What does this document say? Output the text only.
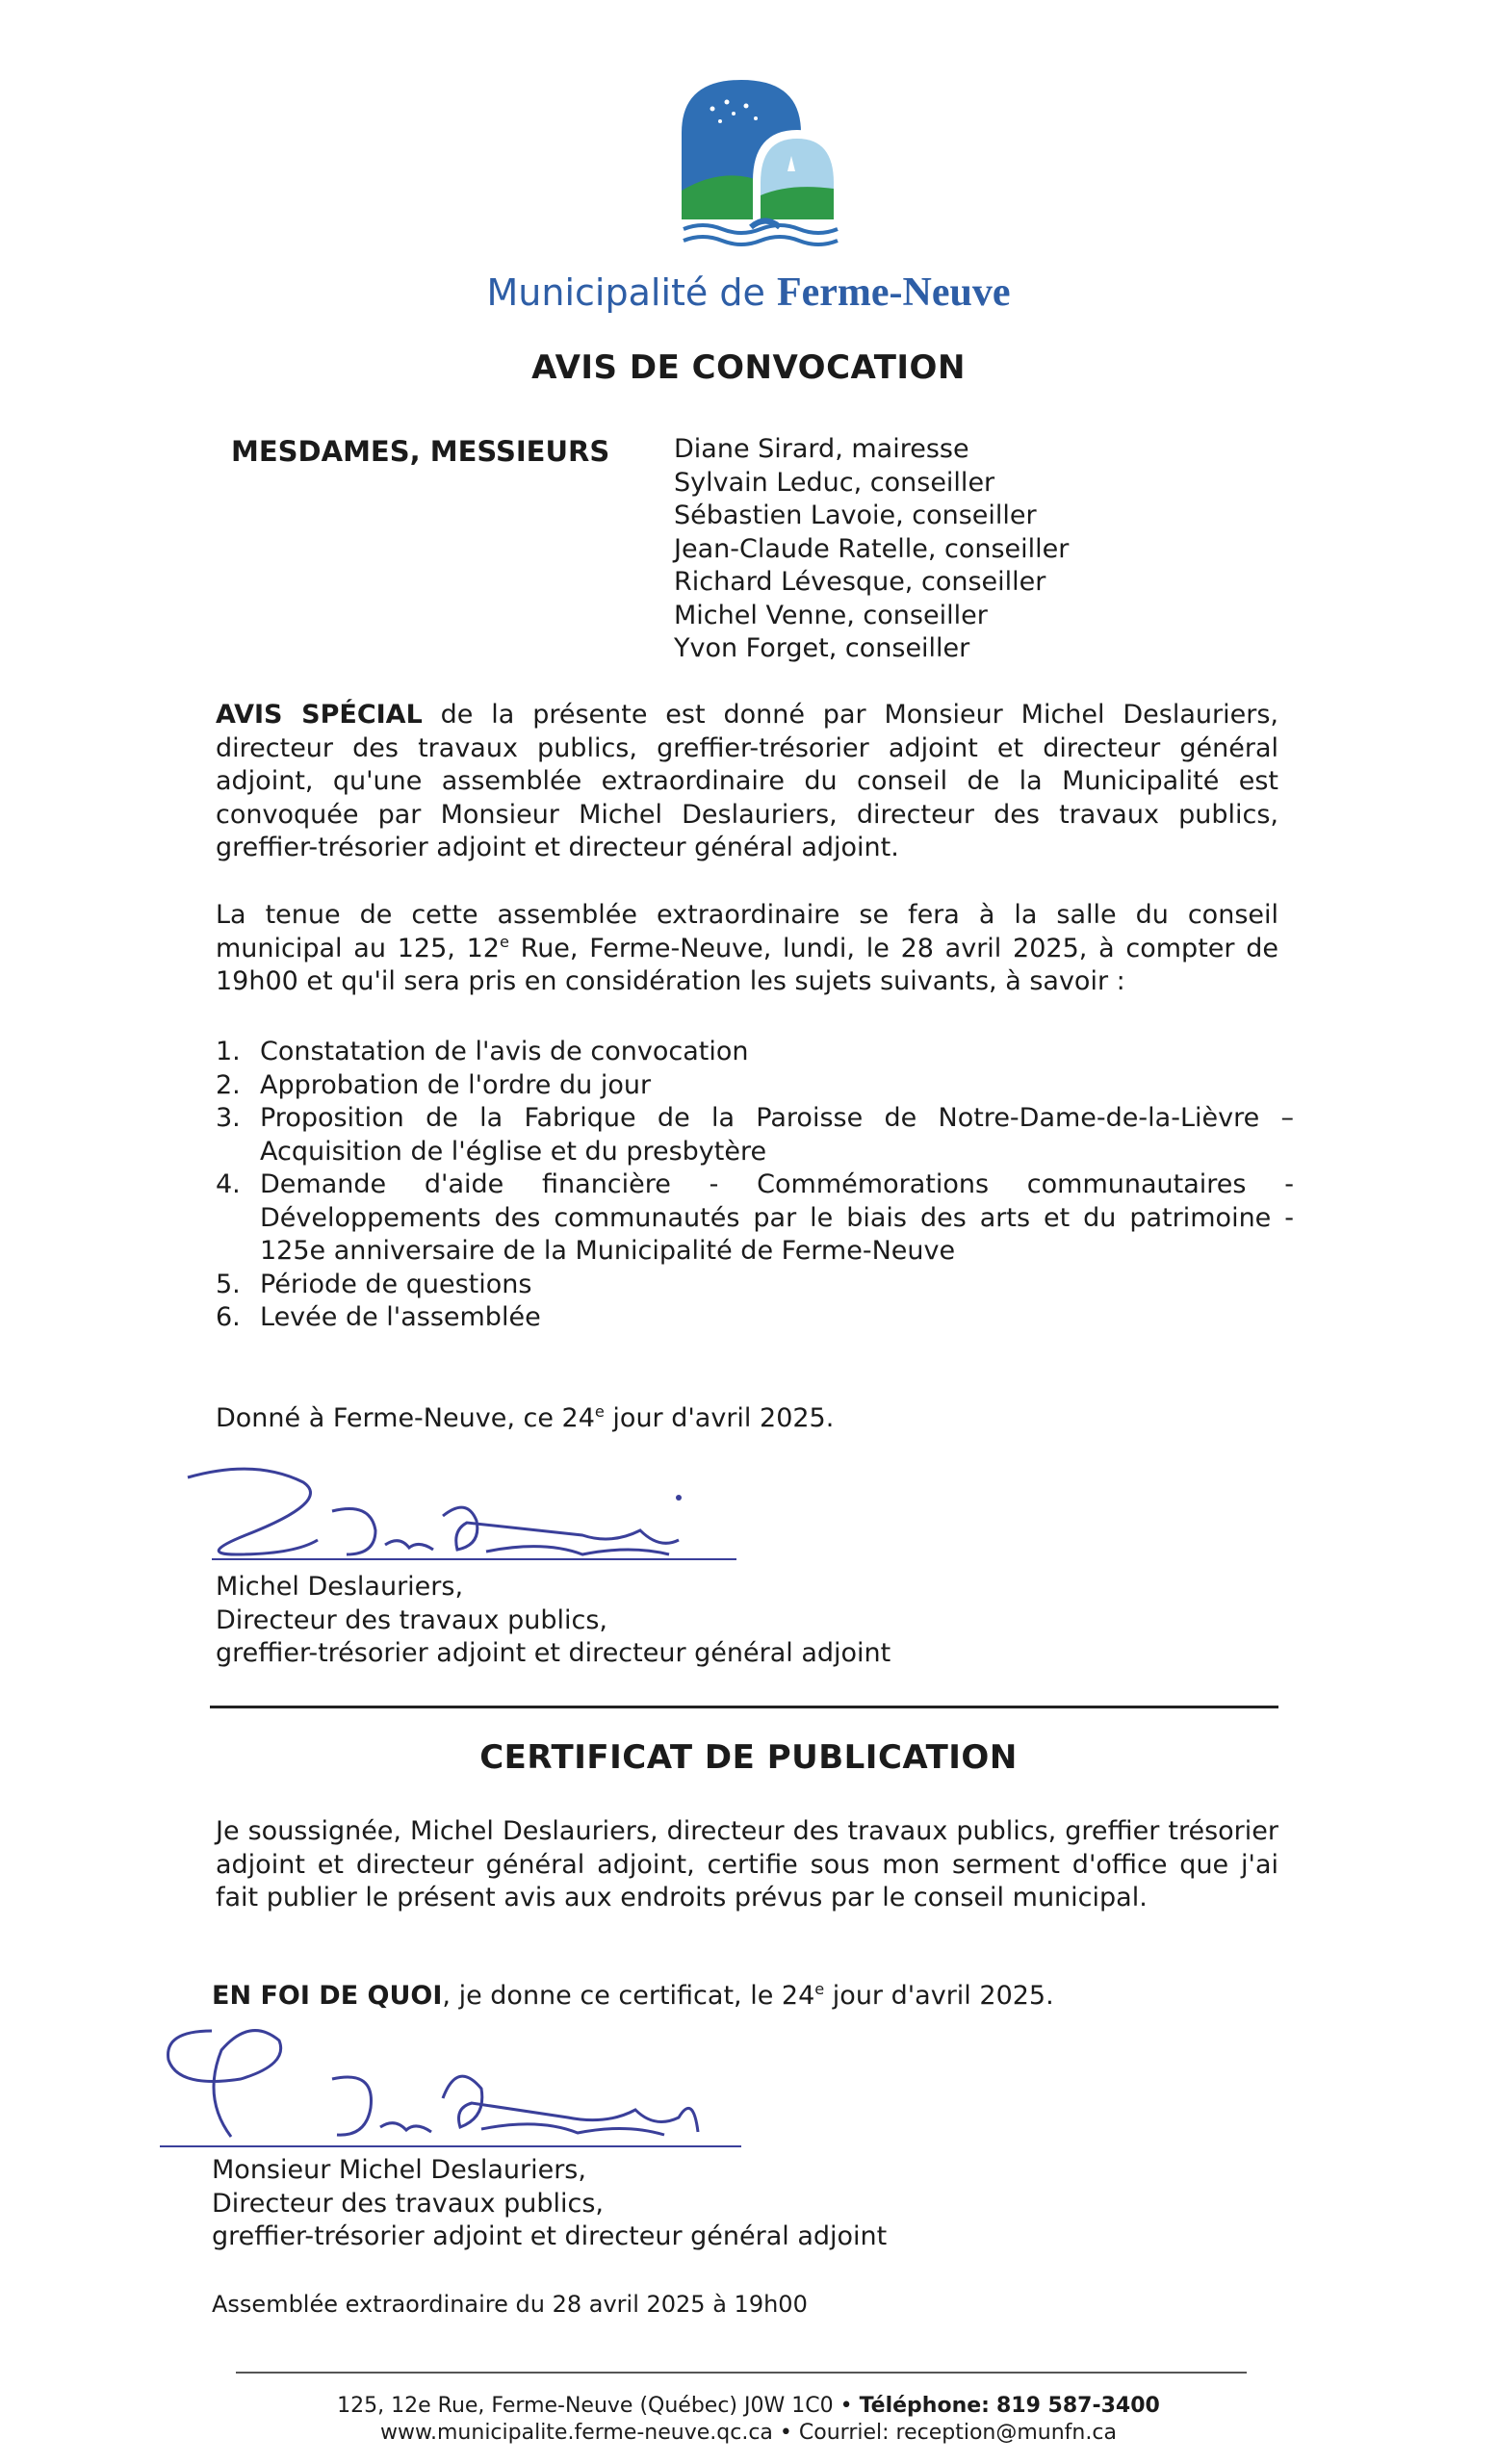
Municipalité de Ferme-Neuve
AVIS DE CONVOCATION
MESDAMES, MESSIEURS Diane Sirard, mairesse
Sylvain Leduc, conseiller
Sébastien Lavoie, conseiller
Jean-Claude Ratelle, conseiller
Richard Lévesque, conseiller
Michel Venne, conseiller
Yvon Forget, conseiller
AVIS SPÉCIAL de la présente est donné par Monsieur Michel Deslauriers, directeur des travaux publics, greffier-trésorier adjoint et directeur général adjoint, qu'une assemblée extraordinaire du conseil de la Municipalité est convoquée par Monsieur Michel Deslauriers, directeur des travaux publics, greffier-trésorier adjoint et directeur général adjoint.
La tenue de cette assemblée extraordinaire se fera à la salle du conseil municipal au 125, 12e Rue, Ferme-Neuve, lundi, le 28 avril 2025, à compter de 19h00 et qu'il sera pris en considération les sujets suivants, à savoir :
1. Constatation de l'avis de convocation
2. Approbation de l'ordre du jour
3. Proposition de la Fabrique de la Paroisse de Notre-Dame-de-la-Lièvre – Acquisition de l'église et du presbytère
4. Demande d'aide financière - Commémorations communautaires - Développements des communautés par le biais des arts et du patrimoine - 125e anniversaire de la Municipalité de Ferme-Neuve
5. Période de questions
6. Levée de l'assemblée
Donné à Ferme-Neuve, ce 24e jour d'avril 2025.
Michel Deslauriers,
Directeur des travaux publics,
greffier-trésorier adjoint et directeur général adjoint
CERTIFICAT DE PUBLICATION
Je soussignée, Michel Deslauriers, directeur des travaux publics, greffier trésorier adjoint et directeur général adjoint, certifie sous mon serment d'office que j'ai fait publier le présent avis aux endroits prévus par le conseil municipal.
EN FOI DE QUOI, je donne ce certificat, le 24e jour d'avril 2025.
Monsieur Michel Deslauriers,
Directeur des travaux publics,
greffier-trésorier adjoint et directeur général adjoint
Assemblée extraordinaire du 28 avril 2025 à 19h00
125, 12e Rue, Ferme-Neuve (Québec) J0W 1C0 • Téléphone: 819 587-3400
www.municipalite.ferme-neuve.qc.ca • Courriel: reception@munfn.ca
